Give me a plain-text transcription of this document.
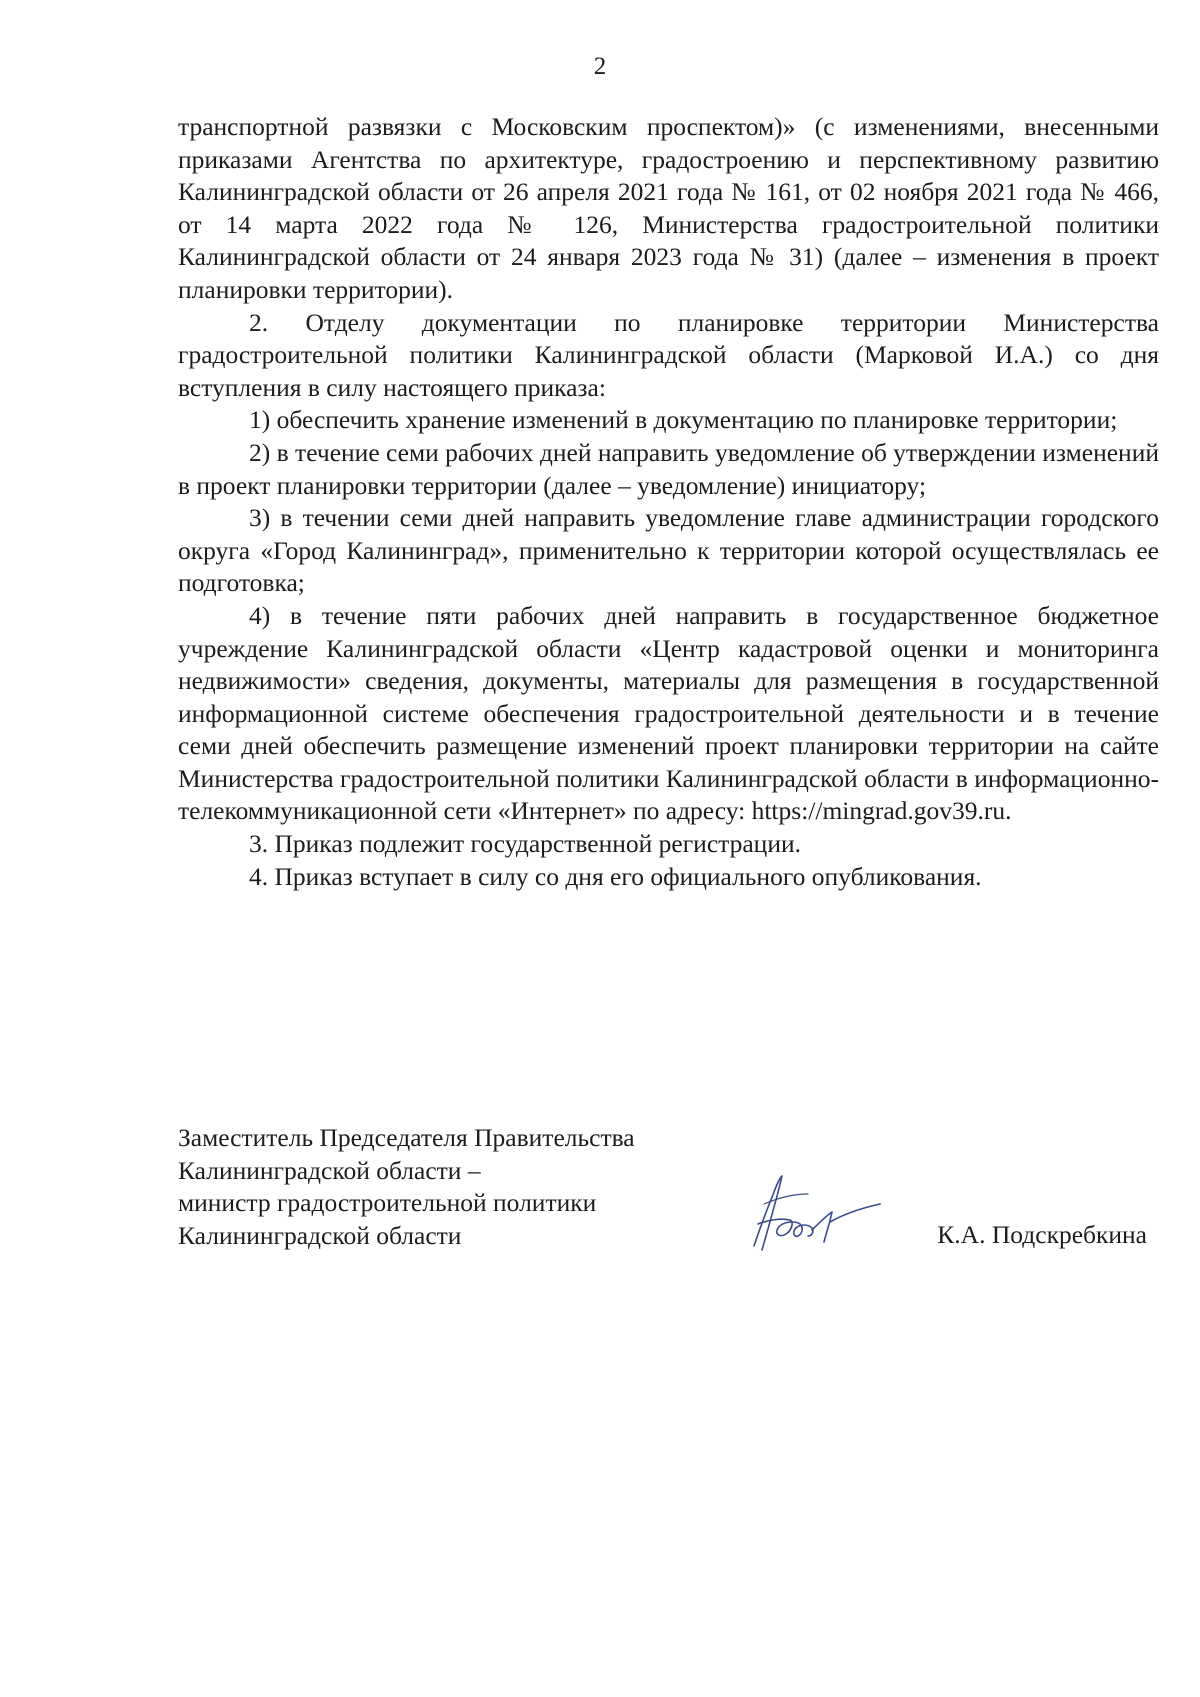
2

транспортной развязки с Московским проспектом)» (с изменениями, внесенными приказами Агентства по архитектуре, градостроению и перспективному развитию Калининградской области от 26 апреля 2021 года № 161, от 02 ноября 2021 года № 466, от 14 марта 2022 года № 126, Министерства градостроительной политики Калининградской области от 24 января 2023 года № 31) (далее – изменения в проект планировки территории).

2. Отделу документации по планировке территории Министерства градостроительной политики Калининградской области (Марковой И.А.) со дня вступления в силу настоящего приказа:

1) обеспечить хранение изменений в документацию по планировке территории;

2) в течение семи рабочих дней направить уведомление об утверждении изменений в проект планировки территории (далее – уведомление) инициатору;

3) в течении семи дней направить уведомление главе администрации городского округа «Город Калининград», применительно к территории которой осуществлялась ее подготовка;

4) в течение пяти рабочих дней направить в государственное бюджетное учреждение Калининградской области «Центр кадастровой оценки и мониторинга недвижимости» сведения, документы, материалы для размещения в государственной информационной системе обеспечения градостроительной деятельности и в течение семи дней обеспечить размещение изменений проект планировки территории на сайте Министерства градостроительной политики Калининградской области в информационно-телекоммуникационной сети «Интернет» по адресу: https://mingrad.gov39.ru.

3. Приказ подлежит государственной регистрации.

4. Приказ вступает в силу со дня его официального опубликования.

Заместитель Председателя Правительства
Калининградской области –
министр градостроительной политики
Калининградской области	К.А. Подскребкина
